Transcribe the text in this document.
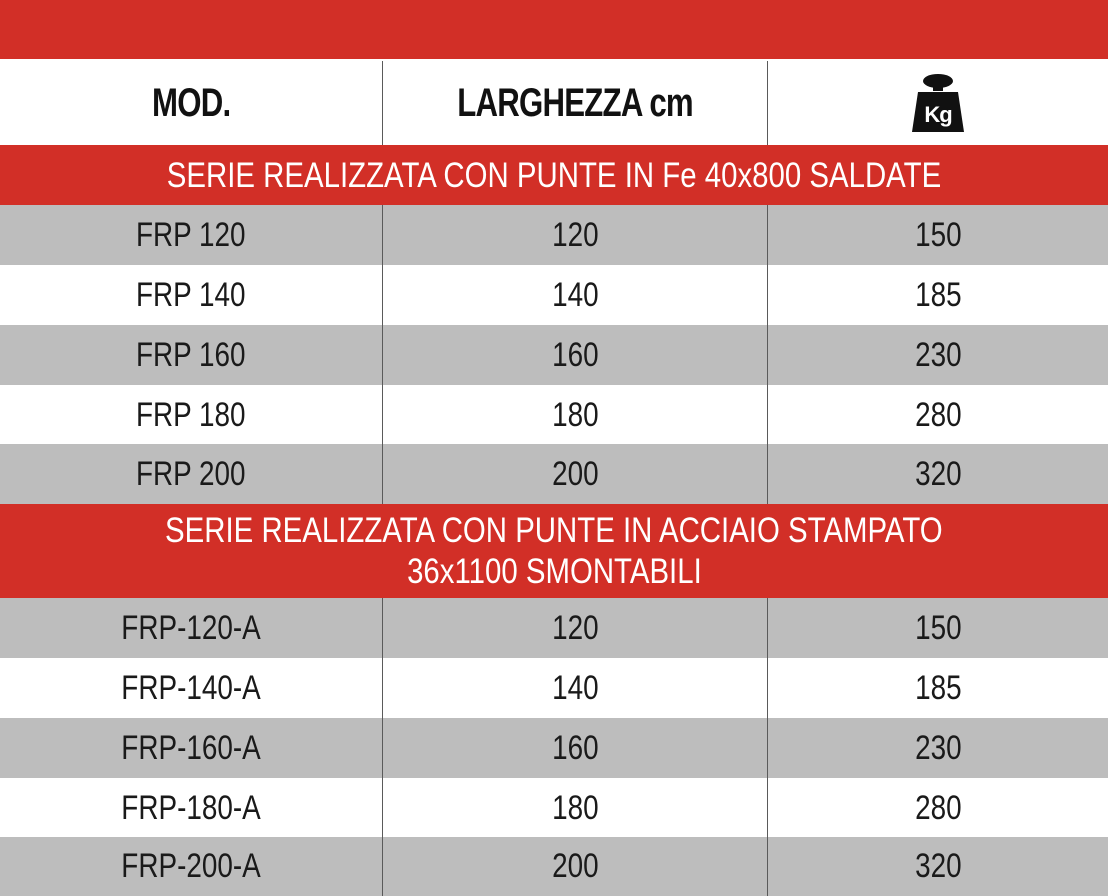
MOD.	LARGHEZZA cm	Kg
SERIE REALIZZATA CON PUNTE IN Fe 40x800 SALDATE
FRP 120	120	150
FRP 140	140	185
FRP 160	160	230
FRP 180	180	280
FRP 200	200	320
SERIE REALIZZATA CON PUNTE IN ACCIAIO STAMPATO
36x1100 SMONTABILI
FRP-120-A	120	150
FRP-140-A	140	185
FRP-160-A	160	230
FRP-180-A	180	280
FRP-200-A	200	320
